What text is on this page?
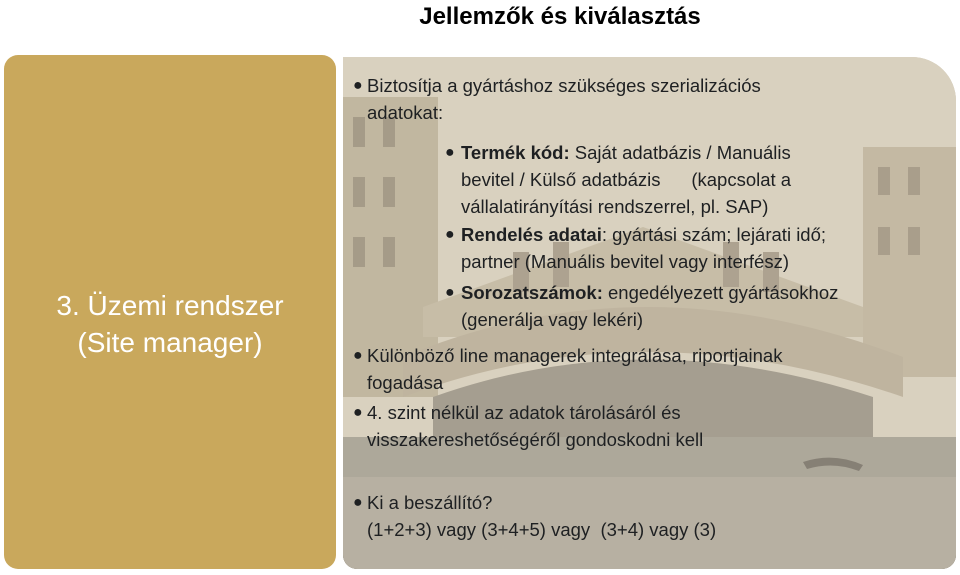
Jellemzők és kiválasztás
3. Üzemi rendszer
(Site manager)
● Biztosítja a gyártáshoz szükséges szerializációs
adatokat:
● Termék kód: Saját adatbázis / Manuális
bevitel / Külső adatbázis      (kapcsolat a
vállalatirányítási rendszerrel, pl. SAP)
● Rendelés adatai: gyártási szám; lejárati idő;
partner (Manuális bevitel vagy interfész)
● Sorozatszámok: engedélyezett gyártásokhoz
(generálja vagy lekéri)
● Különböző line managerek integrálása, riportjainak
fogadása
● 4. szint nélkül az adatok tárolásáról és
visszakereshetőségéről gondoskodni kell
● Ki a beszállító?
(1+2+3) vagy (3+4+5) vagy  (3+4) vagy (3)
